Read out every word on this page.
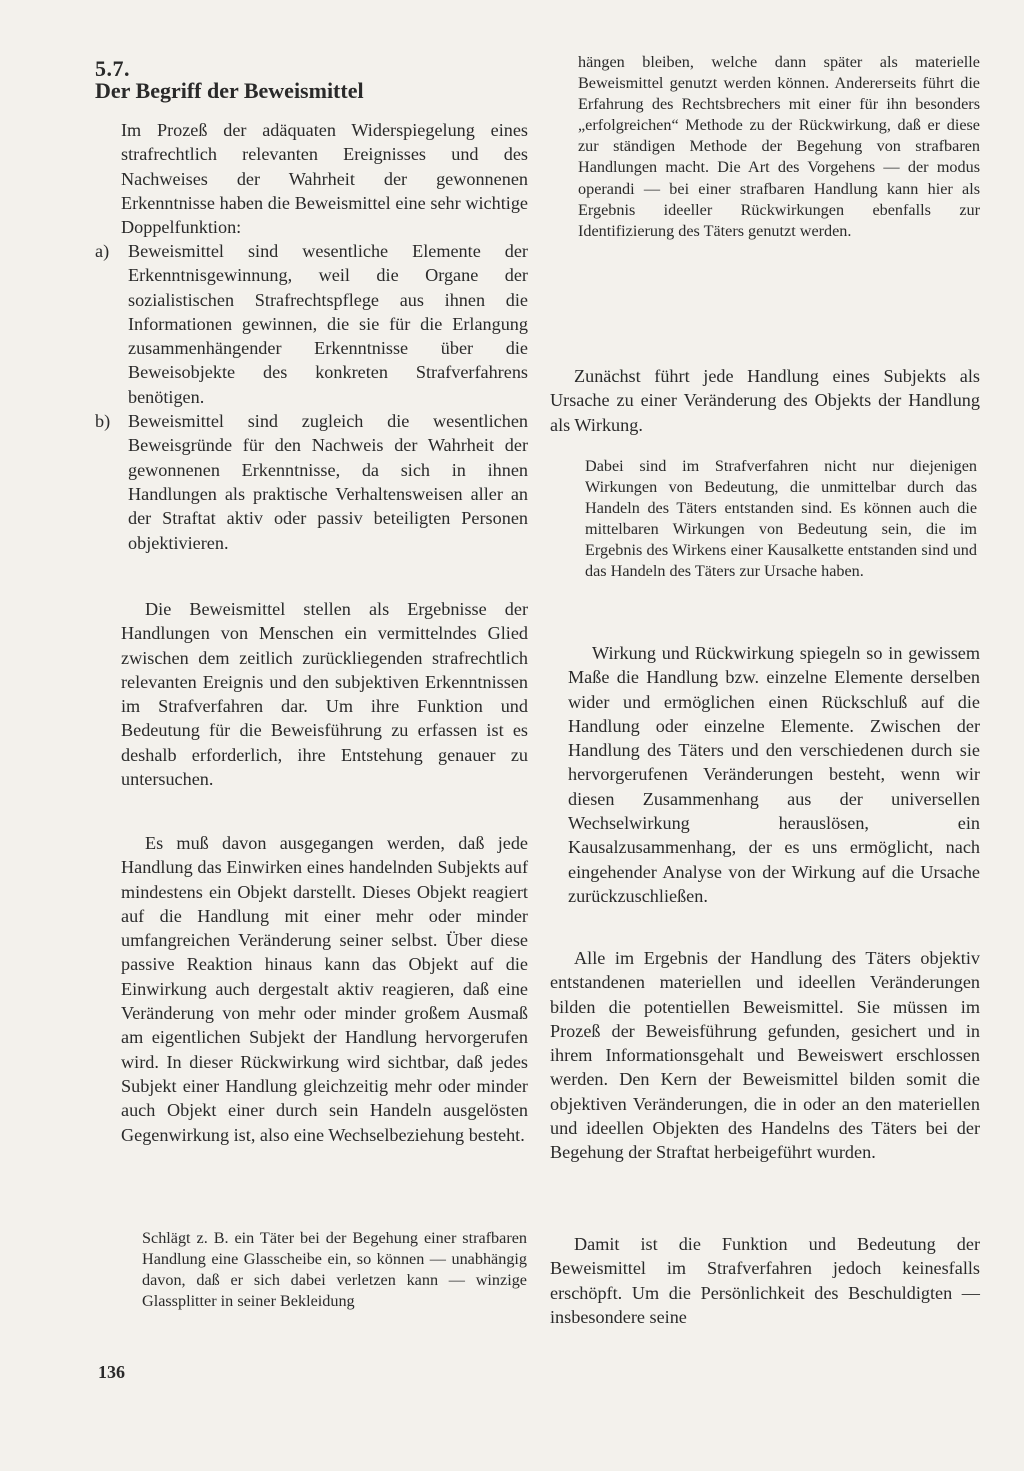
5.7.
Der Begriff der Beweismittel

Im Prozeß der adäquaten Widerspiegelung eines strafrechtlich relevanten Ereignisses und des Nachweises der Wahrheit der gewonnenen Erkenntnisse haben die Beweismittel eine sehr wichtige Doppelfunktion:

a) Beweismittel sind wesentliche Elemente der Erkenntnisgewinnung, weil die Organe der sozialistischen Strafrechtspflege aus ihnen die Informationen gewinnen, die sie für die Erlangung zusammenhängender Erkenntnisse über die Beweisobjekte des konkreten Strafverfahrens benötigen.
b) Beweismittel sind zugleich die wesentlichen Beweisgründe für den Nachweis der Wahrheit der gewonnenen Erkenntnisse, da sich in ihnen Handlungen als praktische Verhaltensweisen aller an der Straftat aktiv oder passiv beteiligten Personen objektivieren.

Die Beweismittel stellen als Ergebnisse der Handlungen von Menschen ein vermittelndes Glied zwischen dem zeitlich zurückliegenden strafrechtlich relevanten Ereignis und den subjektiven Erkenntnissen im Strafverfahren dar. Um ihre Funktion und Bedeutung für die Beweisführung zu erfassen ist es deshalb erforderlich, ihre Entstehung genauer zu untersuchen.

Es muß davon ausgegangen werden, daß jede Handlung das Einwirken eines handelnden Subjekts auf mindestens ein Objekt darstellt. Dieses Objekt reagiert auf die Handlung mit einer mehr oder minder umfangreichen Veränderung seiner selbst. Über diese passive Reaktion hinaus kann das Objekt auf die Einwirkung auch dergestalt aktiv reagieren, daß eine Veränderung von mehr oder minder großem Ausmaß am eigentlichen Subjekt der Handlung hervorgerufen wird. In dieser Rückwirkung wird sichtbar, daß jedes Subjekt einer Handlung gleichzeitig mehr oder minder auch Objekt einer durch sein Handeln ausgelösten Gegenwirkung ist, also eine Wechselbeziehung besteht.

Schlägt z. B. ein Täter bei der Begehung einer strafbaren Handlung eine Glasscheibe ein, so können — unabhängig davon, daß er sich dabei verletzen kann — winzige Glassplitter in seiner Bekleidung

136

hängen bleiben, welche dann später als materielle Beweismittel genutzt werden können. Andererseits führt die Erfahrung des Rechtsbrechers mit einer für ihn besonders „erfolgreichen“ Methode zu der Rückwirkung, daß er diese zur ständigen Methode der Begehung von strafbaren Handlungen macht. Die Art des Vorgehens — der modus operandi — bei einer strafbaren Handlung kann hier als Ergebnis ideeller Rückwirkungen ebenfalls zur Identifizierung des Täters genutzt werden.

Zunächst führt jede Handlung eines Subjekts als Ursache zu einer Veränderung des Objekts der Handlung als Wirkung.

Dabei sind im Strafverfahren nicht nur diejenigen Wirkungen von Bedeutung, die unmittelbar durch das Handeln des Täters entstanden sind. Es können auch die mittelbaren Wirkungen von Bedeutung sein, die im Ergebnis des Wirkens einer Kausalkette entstanden sind und das Handeln des Täters zur Ursache haben.

Wirkung und Rückwirkung spiegeln so in gewissem Maße die Handlung bzw. einzelne Elemente derselben wider und ermöglichen einen Rückschluß auf die Handlung oder einzelne Elemente. Zwischen der Handlung des Täters und den verschiedenen durch sie hervorgerufenen Veränderungen besteht, wenn wir diesen Zusammenhang aus der universellen Wechselwirkung herauslösen, ein Kausalzusammenhang, der es uns ermöglicht, nach eingehender Analyse von der Wirkung auf die Ursache zurückzuschließen.

Alle im Ergebnis der Handlung des Täters objektiv entstandenen materiellen und ideellen Veränderungen bilden die potentiellen Beweismittel. Sie müssen im Prozeß der Beweisführung gefunden, gesichert und in ihrem Informationsgehalt und Beweiswert erschlossen werden. Den Kern der Beweismittel bilden somit die objektiven Veränderungen, die in oder an den materiellen und ideellen Objekten des Handelns des Täters bei der Begehung der Straftat herbeigeführt wurden.

Damit ist die Funktion und Bedeutung der Beweismittel im Strafverfahren jedoch keinesfalls erschöpft. Um die Persönlichkeit des Beschuldigten — insbesondere seine
